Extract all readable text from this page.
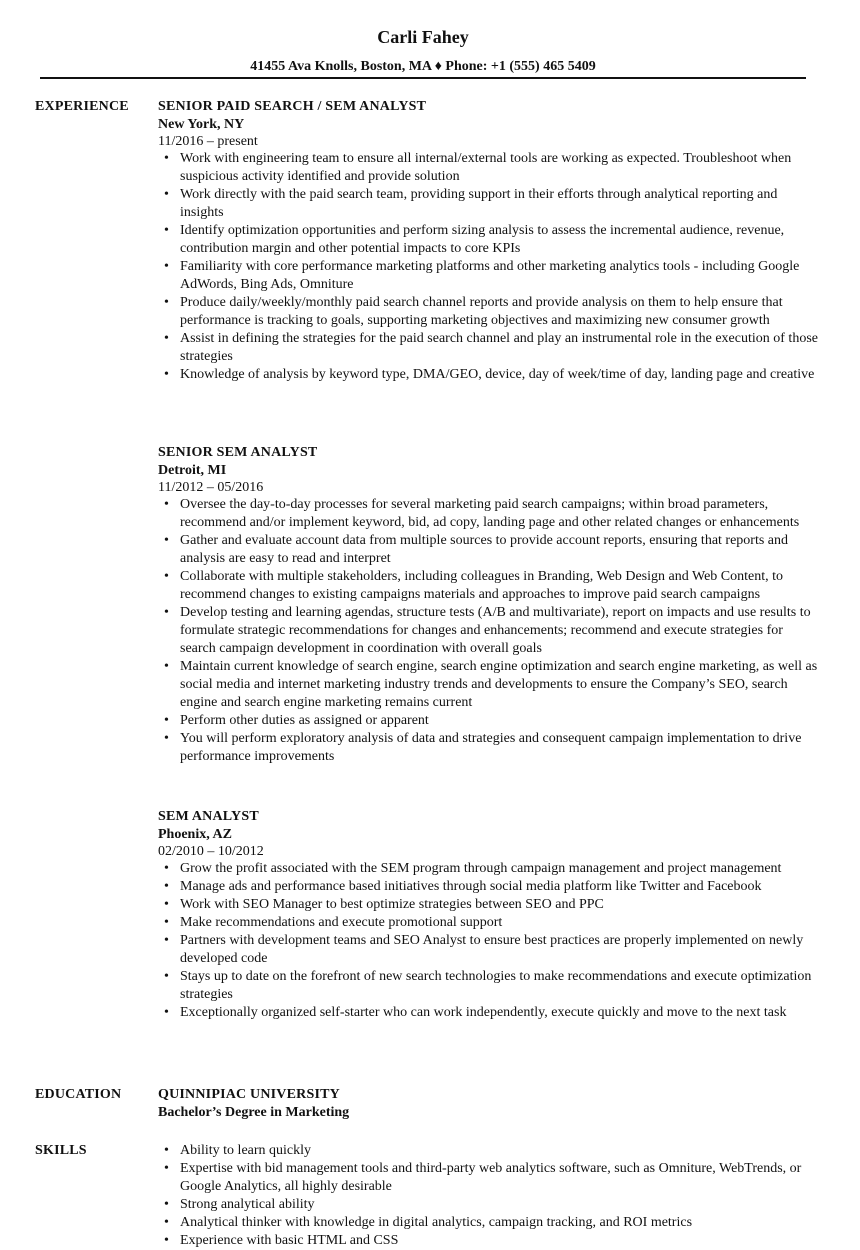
Carli Fahey
41455 Ava Knolls, Boston, MA ♦ Phone: +1 (555) 465 5409
EXPERIENCE SENIOR PAID SEARCH / SEM ANALYST
New York, NY
11/2016 – present
• Work with engineering team to ensure all internal/external tools are working as expected. Troubleshoot when suspicious activity identified and provide solution
• Work directly with the paid search team, providing support in their efforts through analytical reporting and insights
• Identify optimization opportunities and perform sizing analysis to assess the incremental audience, revenue, contribution margin and other potential impacts to core KPIs
• Familiarity with core performance marketing platforms and other marketing analytics tools - including Google AdWords, Bing Ads, Omniture
• Produce daily/weekly/monthly paid search channel reports and provide analysis on them to help ensure that performance is tracking to goals, supporting marketing objectives and maximizing new consumer growth
• Assist in defining the strategies for the paid search channel and play an instrumental role in the execution of those strategies
• Knowledge of analysis by keyword type, DMA/GEO, device, day of week/time of day, landing page and creative
SENIOR SEM ANALYST
Detroit, MI
11/2012 – 05/2016
• Oversee the day-to-day processes for several marketing paid search campaigns; within broad parameters, recommend and/or implement keyword, bid, ad copy, landing page and other related changes or enhancements
• Gather and evaluate account data from multiple sources to provide account reports, ensuring that reports and analysis are easy to read and interpret
• Collaborate with multiple stakeholders, including colleagues in Branding, Web Design and Web Content, to recommend changes to existing campaigns materials and approaches to improve paid search campaigns
• Develop testing and learning agendas, structure tests (A/B and multivariate), report on impacts and use results to formulate strategic recommendations for changes and enhancements; recommend and execute strategies for search campaign development in coordination with overall goals
• Maintain current knowledge of search engine, search engine optimization and search engine marketing, as well as social media and internet marketing industry trends and developments to ensure the Company’s SEO, search engine and search engine marketing remains current
• Perform other duties as assigned or apparent
• You will perform exploratory analysis of data and strategies and consequent campaign implementation to drive performance improvements
SEM ANALYST
Phoenix, AZ
02/2010 – 10/2012
• Grow the profit associated with the SEM program through campaign management and project management
• Manage ads and performance based initiatives through social media platform like Twitter and Facebook
• Work with SEO Manager to best optimize strategies between SEO and PPC
• Make recommendations and execute promotional support
• Partners with development teams and SEO Analyst to ensure best practices are properly implemented on newly developed code
• Stays up to date on the forefront of new search technologies to make recommendations and execute optimization strategies
• Exceptionally organized self-starter who can work independently, execute quickly and move to the next task
EDUCATION	QUINNIPIAC UNIVERSITY
Bachelor’s Degree in Marketing
SKILLS	• Ability to learn quickly
• Expertise with bid management tools and third-party web analytics software, such as Omniture, WebTrends, or Google Analytics, all highly desirable
• Strong analytical ability
• Analytical thinker with knowledge in digital analytics, campaign tracking, and ROI metrics
• Experience with basic HTML and CSS
